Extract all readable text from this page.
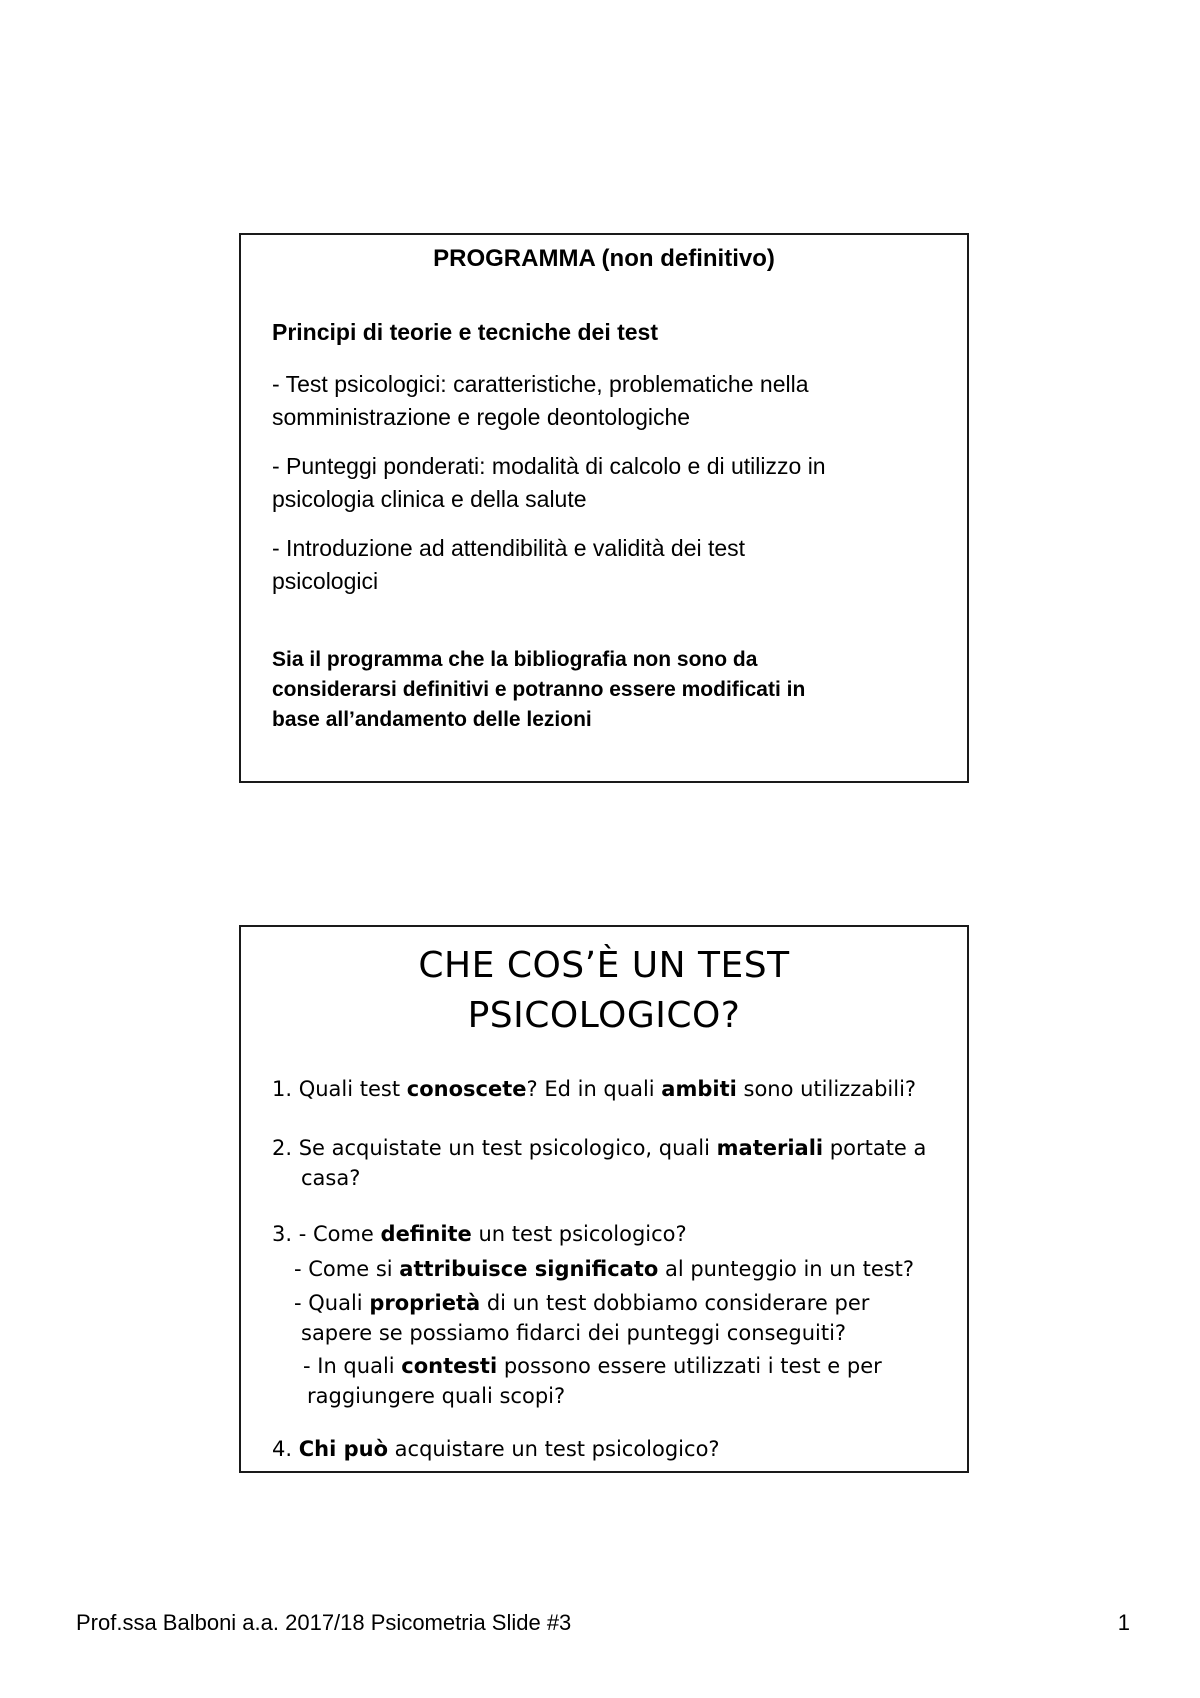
PROGRAMMA (non definitivo)
Principi di teorie e tecniche dei test
- Test psicologici: caratteristiche, problematiche nella
somministrazione e regole deontologiche
- Punteggi ponderati: modalità di calcolo e di utilizzo in
psicologia clinica e della salute
- Introduzione ad attendibilità e validità dei test
psicologici
Sia il programma che la bibliografia non sono da
considerarsi definitivi e potranno essere modificati in
base all’andamento delle lezioni
CHE COS’È UN TEST
PSICOLOGICO?
1. Quali test conoscete? Ed in quali ambiti sono utilizzabili?
2. Se acquistate un test psicologico, quali materiali portate a
casa?
3. - Come definite un test psicologico?
- Come si attribuisce significato al punteggio in un test?
- Quali proprietà di un test dobbiamo considerare per
sapere se possiamo fidarci dei punteggi conseguiti?
- In quali contesti possono essere utilizzati i test e per
raggiungere quali scopi?
4. Chi può acquistare un test psicologico?
Prof.ssa Balboni a.a. 2017/18 Psicometria Slide #3	1
